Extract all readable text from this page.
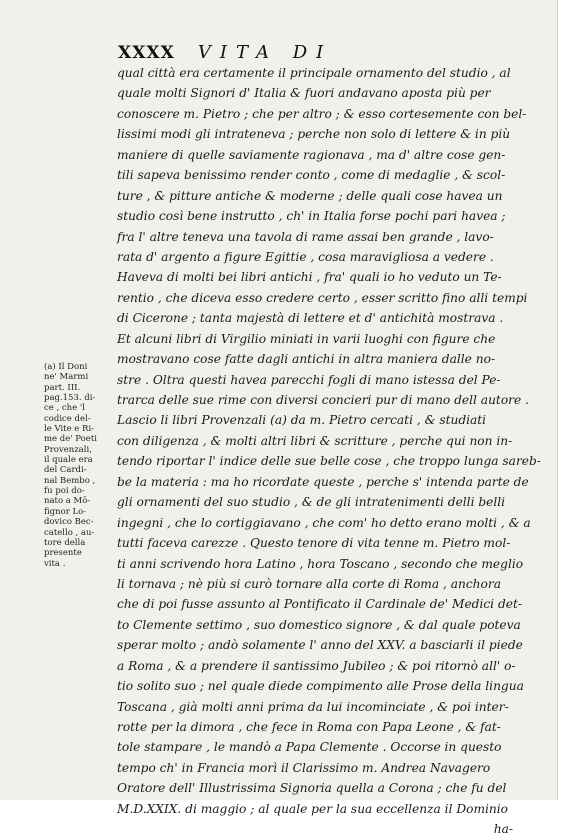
XXXX VITA DI
(a) Il Doni
ne' Marmi
part. III.
pag.153. di-
ce , che 'l
codice del-
le Vite e Ri-
me de' Poeti
Provenzali,
il quale era
del Cardi-
nal Bembo ,
fu poi do-
nato a Mō-
fignor Lo-
dovico Bec-
catello , au-
tore della
presente
vita .

qual città era certamente il principale ornamento del studio , al
quale molti Signori d' Italia & fuori andavano aposta più per
conoscere m. Pietro ; che per altro ; & esso cortesemente con bel-
lissimi modi gli intrateneva ; perche non solo di lettere & in più
maniere di quelle saviamente ragionava , ma d' altre cose gen-
tili sapeva benissimo render conto , come di medaglie , & scol-
ture , & pitture antiche & moderne ; delle quali cose havea un
studio così bene instrutto , ch' in Italia forse pochi pari havea ;
fra l' altre teneva una tavola di rame assai ben grande , lavo-
rata d' argento a figure Egittie , cosa maravigliosa a vedere .
Haveva di molti bei libri antichi , fra' quali io ho veduto un Te-
rentio , che diceva esso credere certo , esser scritto fino alli tempi
di Cicerone ; tanta majestà di lettere et d' antichità mostrava .
Et alcuni libri di Virgilio miniati in varii luoghi con figure che
mostravano cose fatte dagli antichi in altra maniera dalle no-
stre . Oltra questi havea parecchi fogli di mano istessa del Pe-
trarca delle sue rime con diversi concieri pur di mano dell autore .
Lascio li libri Provenzali (a) da m. Pietro cercati , & studiati
con diligenza , & molti altri libri & scritture , perche qui non in-
tendo riportar l' indice delle sue belle cose , che troppo lunga sareb-
be la materia : ma ho ricordate queste , perche s' intenda parte de
gli ornamenti del suo studio , & de gli intratenimenti delli belli
ingegni , che lo cortiggiavano , che com' ho detto erano molti , & a
tutti faceva carezze . Questo tenore di vita tenne m. Pietro mol-
ti anni scrivendo hora Latino , hora Toscano , secondo che meglio
li tornava ; nè più si curò tornare alla corte di Roma , anchora
che di poi fusse assunto al Pontificato il Cardinale de' Medici det-
to Clemente settimo , suo domestico signore , & dal quale poteva
sperar molto ; andò solamente l' anno del XXV. a basciarli il piede
a Roma , & a prendere il santissimo Jubileo ; & poi ritornò all' o-
tio solito suo ; nel quale diede compimento alle Prose della lingua
Toscana , già molti anni prima da lui incominciate , & poi inter-
rotte per la dimora , che fece in Roma con Papa Leone , & fat-
tole stampare , le mandò a Papa Clemente . Occorse in questo
tempo ch' in Francia morì il Clarissimo m. Andrea Navagero
Oratore dell' Illustrissima Signoria quella a Corona ; che fu del
M.D.XXIX. di maggio ; al quale per la sua eccellenza il Dominio

ha-
